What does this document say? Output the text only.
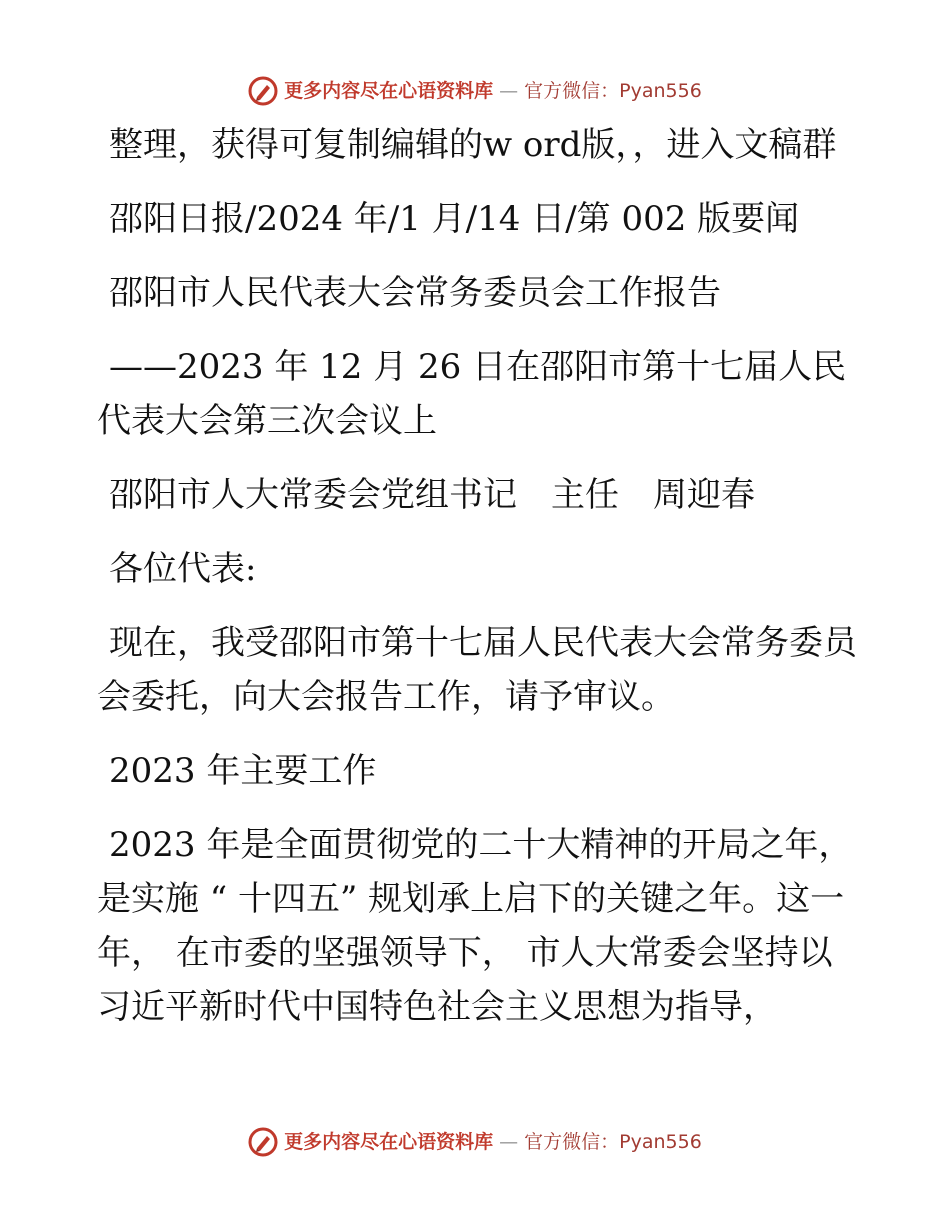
更多内容尽在心语资料库 — 官方微信：Pyan556

整理，获得可复制编辑的w ord版，，进入文稿群

邵阳日报/2024 年/1 月/14 日/第 002 版要闻

邵阳市人民代表大会常务委员会工作报告

——2023 年 12 月 26 日在邵阳市第十七届人民代表大会第三次会议上

邵阳市人大常委会党组书记　主任　周迎春

各位代表:

现在，我受邵阳市第十七届人民代表大会常务委员会委托，向大会报告工作，请予审议。

2023 年主要工作

2023 年是全面贯彻党的二十大精神的开局之年，是实施 “ 十四五” 规划承上启下的关键之年。这一年， 在市委的坚强领导下， 市人大常委会坚持以习近平新时代中国特色社会主义思想为指导，

更多内容尽在心语资料库 — 官方微信：Pyan556
